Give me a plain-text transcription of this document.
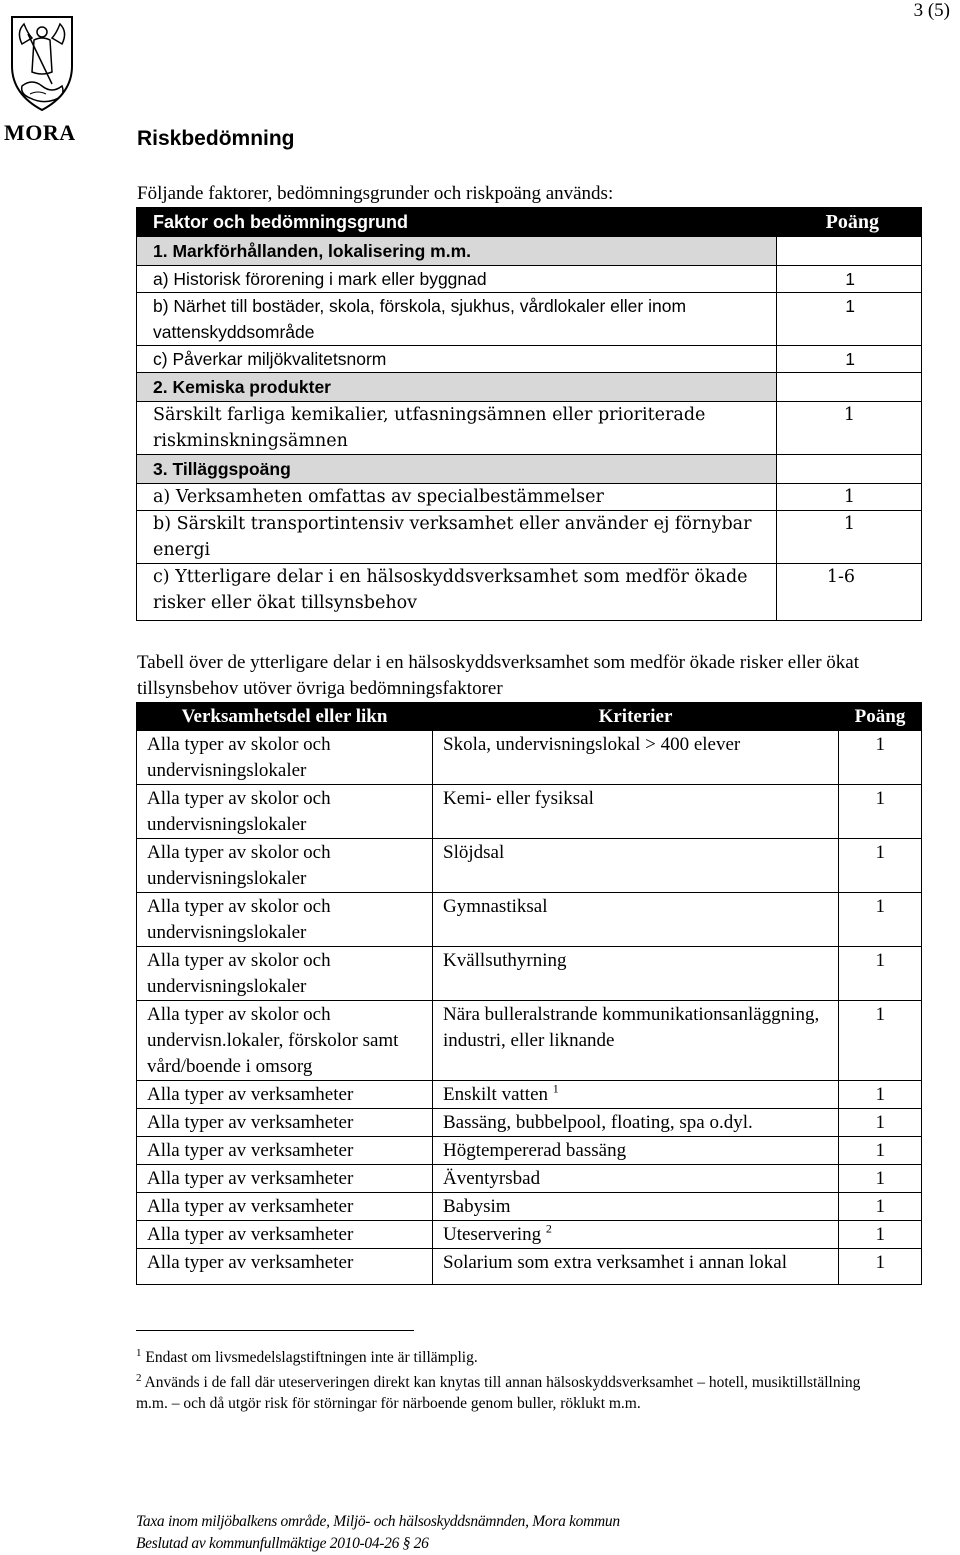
3 (5)
MORA	Riskbedömning
Följande faktorer, bedömningsgrunder och riskpoäng används:
Faktor och bedömningsgrund	Poäng
1. Markförhållanden, lokalisering m.m.	
a) Historisk förorening i mark eller byggnad	1
b) Närhet till bostäder, skola, förskola, sjukhus, vårdlokaler eller inom vattenskyddsområde	1
c) Påverkar miljökvalitetsnorm	1
2. Kemiska produkter	
Särskilt farliga kemikalier, utfasningsämnen eller prioriterade riskminskningsämnen	1
3. Tilläggspoäng	
a) Verksamheten omfattas av specialbestämmelser	1
b) Särskilt transportintensiv verksamhet eller använder ej förnybar energi	1
c) Ytterligare delar i en hälsoskyddsverksamhet som medför ökade risker eller ökat tillsynsbehov	1-6
Tabell över de ytterligare delar i en hälsoskyddsverksamhet som medför ökade risker eller ökat tillsynsbehov utöver övriga bedömningsfaktorer
Verksamhetsdel eller likn	Kriterier	Poäng
Alla typer av skolor och undervisningslokaler	Skola, undervisningslokal > 400 elever	1
Alla typer av skolor och undervisningslokaler	Kemi- eller fysiksal	1
Alla typer av skolor och undervisningslokaler	Slöjdsal	1
Alla typer av skolor och undervisningslokaler	Gymnastiksal	1
Alla typer av skolor och undervisningslokaler	Kvällsuthyrning	1
Alla typer av skolor och undervisn.lokaler, förskolor samt vård/boende i omsorg	Nära bulleralstrande kommunikationsanläggning, industri, eller liknande	1
Alla typer av verksamheter	Enskilt vatten $^1$	1
Alla typer av verksamheter	Bassäng, bubbelpool, floating, spa o.dyl.	1
Alla typer av verksamheter	Högtempererad bassäng	1
Alla typer av verksamheter	Äventyrsbad	1
Alla typer av verksamheter	Babysim	1
Alla typer av verksamheter	Uteservering $^2$	1
Alla typer av verksamheter	Solarium som extra verksamhet i annan lokal	1
$^1$ Endast om livsmedelslagstiftningen inte är tillämplig.
$^2$ Används i de fall där uteserveringen direkt kan knytas till annan hälsoskyddsverksamhet – hotell, musiktillställning m.m. – och då utgör risk för störningar för närboende genom buller, röklukt m.m.
Taxa inom miljöbalkens område, Miljö- och hälsoskyddsnämnden, Mora kommun
Beslutad av kommunfullmäktige 2010-04-26 § 26
